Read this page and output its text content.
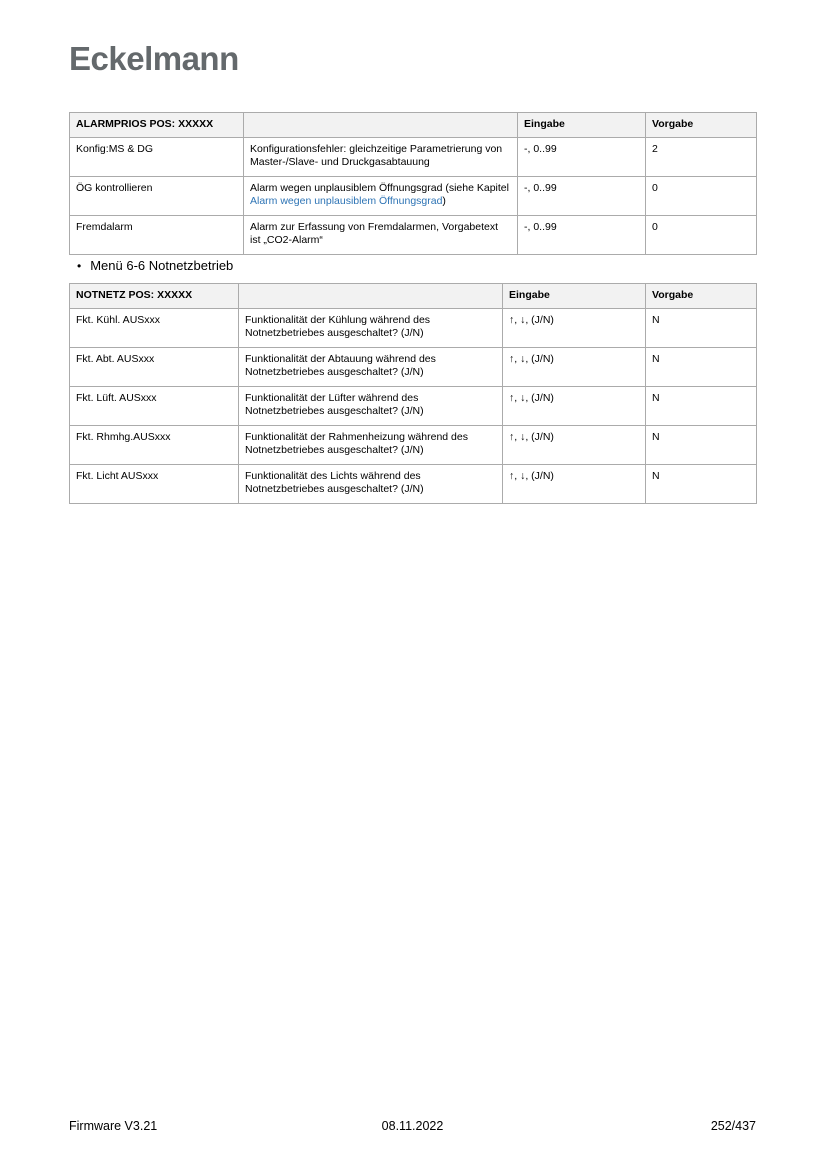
Eckelmann
ALARMPRIOS POS: XXXXX		Eingabe	Vorgabe
Konfig:MS & DG	Konfigurationsfehler: gleichzeitige Parametrierung von Master-/Slave- und Druckgasabtauung	-, 0..99	2
ÖG kontrollieren	Alarm wegen unplausiblem Öffnungsgrad (siehe Kapitel Alarm wegen unplausiblem Öffnungsgrad)	-, 0..99	0
Fremdalarm	Alarm zur Erfassung von Fremdalarmen, Vorgabetext ist „CO2-Alarm“	-, 0..99	0
• Menü 6-6 Notnetzbetrieb
NOTNETZ POS: XXXXX		Eingabe	Vorgabe
Fkt. Kühl. AUSxxx	Funktionalität der Kühlung während des Notnetzbetriebes ausgeschaltet? (J/N)	↑, ↓, (J/N)	N
Fkt. Abt. AUSxxx	Funktionalität der Abtauung während des Notnetzbetriebes ausgeschaltet? (J/N)	↑, ↓, (J/N)	N
Fkt. Lüft. AUSxxx	Funktionalität der Lüfter während des Notnetzbetriebes ausgeschaltet? (J/N)	↑, ↓, (J/N)	N
Fkt. Rhmhg.AUSxxx	Funktionalität der Rahmenheizung während des Notnetzbetriebes ausgeschaltet? (J/N)	↑, ↓, (J/N)	N
Fkt. Licht AUSxxx	Funktionalität des Lichts während des Notnetzbetriebes ausgeschaltet? (J/N)	↑, ↓, (J/N)	N
08.11.2022
Firmware V3.21	252/437
